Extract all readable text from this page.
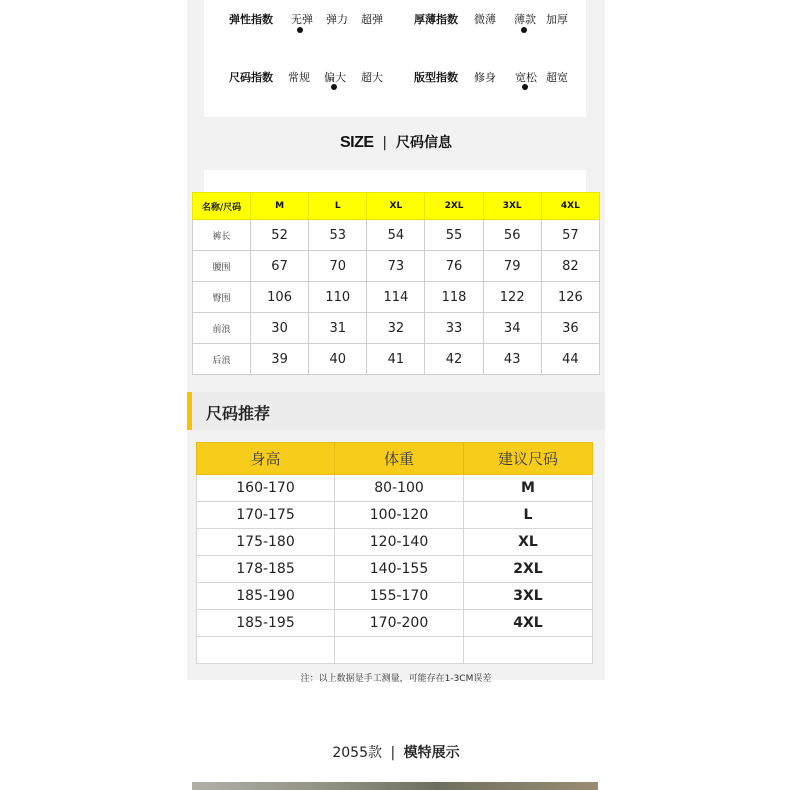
弹性指数 无弹 弹力 超弹	厚薄指数 微薄 薄款 加厚
尺码指数 常规 偏大 超大	版型指数 修身 宽松 超宽
SIZE | 尺码信息
名称/尺码	M	L	XL	2XL	3XL	4XL
裤长	52	53	54	55	56	57
腰围	67	70	73	76	79	82
臀围	106	110	114	118	122	126
前浪	30	31	32	33	34	36
后浪	39	40	41	42	43	44
尺码推荐
身高	体重	建议尺码
160-170	80-100	M
170-175	100-120	L
175-180	120-140	XL
178-185	140-155	2XL
185-190	155-170	3XL
185-195	170-200	4XL

注：以上数据是手工测量，可能存在1-3CM误差
2055款 | 模特展示
